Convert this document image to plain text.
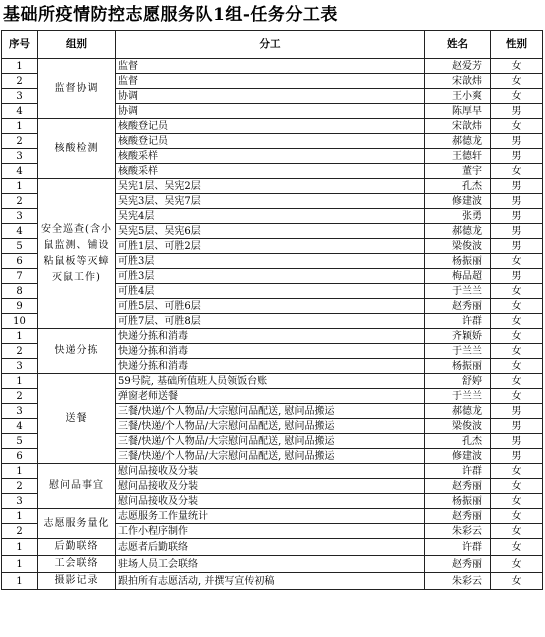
基础所疫情防控志愿服务队1组-任务分工表
序号	组别	分工	姓名	性别
1	监督协调	监督	赵爱芳	女
2		监督	宋歆炜	女
3		协调	王小爽	女
4		协调	陈厚早	男
1	核酸检测	核酸登记员	宋歆炜	女
2		核酸登记员	郝德龙	男
3		核酸采样	王德轩	男
4		核酸采样	董宇	女
1	安全巡查(含小鼠监测、铺设粘鼠板等灭蟑灭鼠工作)	吴宪1层、吴宪2层	孔杰	男
2		吴宪3层、吴宪7层	修建波	男
3		吴宪4层	张勇	男
4		吴宪5层、吴宪6层	郝德龙	男
5		可胜1层、可胜2层	梁俊波	男
6		可胜3层	杨振丽	女
7		可胜3层	梅品超	男
8		可胜4层	于兰兰	女
9		可胜5层、可胜6层	赵秀丽	女
10		可胜7层、可胜8层	许群	女
1	快递分拣	快递分拣和消毒	齐颖娇	女
2		快递分拣和消毒	于兰兰	女
3		快递分拣和消毒	杨振丽	女
1	送餐	59号院, 基础所值班人员领饭台账	舒婷	女
2		弹窗老师送餐	于兰兰	女
3		三餐/快递/个人物品/大宗慰问品配送, 慰问品搬运	郝德龙	男
4		三餐/快递/个人物品/大宗慰问品配送, 慰问品搬运	梁俊波	男
5		三餐/快递/个人物品/大宗慰问品配送, 慰问品搬运	孔杰	男
6		三餐/快递/个人物品/大宗慰问品配送, 慰问品搬运	修建波	男
1	慰问品事宜	慰问品接收及分装	许群	女
2		慰问品接收及分装	赵秀丽	女
3		慰问品接收及分装	杨振丽	女
1	志愿服务量化	志愿服务工作量统计	赵秀丽	女
2		工作小程序制作	朱彩云	女
1	后勤联络	志愿者后勤联络	许群	女
1	工会联络	驻场人员工会联络	赵秀丽	女
1	摄影记录	跟拍所有志愿活动, 并撰写宣传初稿	朱彩云	女
